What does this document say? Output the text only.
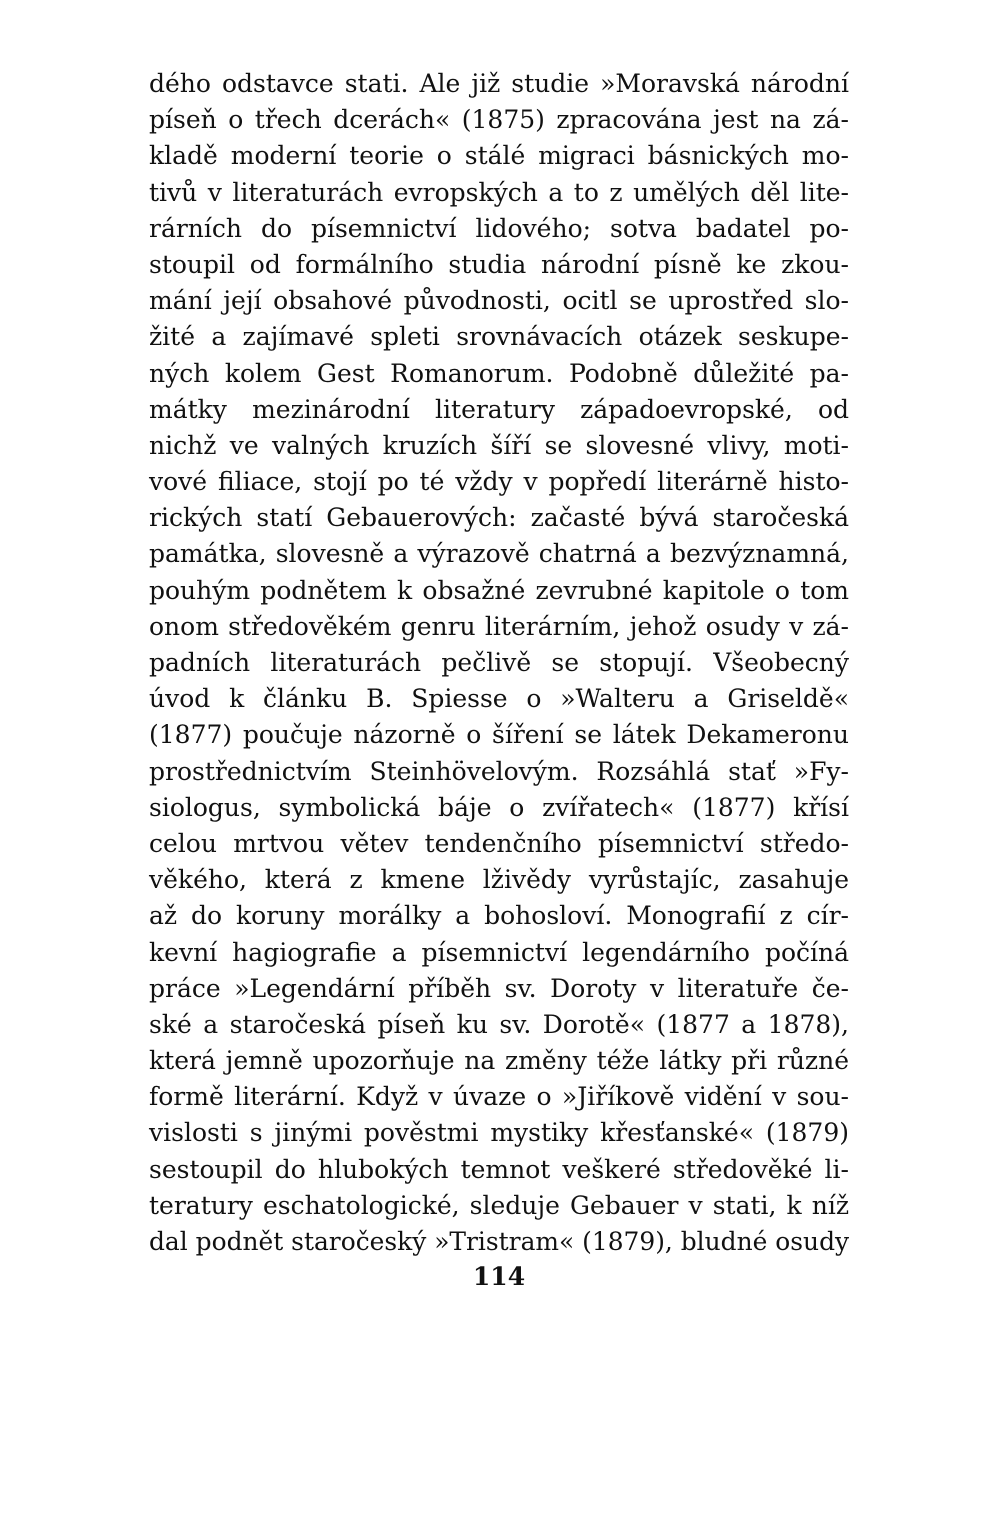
dého odstavce stati. Ale již studie »Moravská národní
píseň o třech dcerách« (1875) zpracována jest na zá-
kladě moderní teorie o stálé migraci básnických mo-
tivů v literaturách evropských a to z umělých děl lite-
rárních do písemnictví lidového; sotva badatel po-
stoupil od formálního studia národní písně ke zkou-
mání její obsahové původnosti, ocitl se uprostřed slo-
žité a zajímavé spleti srovnávacích otázek seskupe-
ných kolem Gest Romanorum. Podobně důležité pa-
mátky mezinárodní literatury západoevropské, od
nichž ve valných kruzích šíří se slovesné vlivy, moti-
vové filiace, stojí po té vždy v popředí literárně histo-
rických statí Gebauerových: začasté bývá staročeská
památka, slovesně a výrazově chatrná a bezvýznamná,
pouhým podnětem k obsažné zevrubné kapitole o tom
onom středověkém genru literárním, jehož osudy v zá-
padních literaturách pečlivě se stopují. Všeobecný
úvod k článku B. Spiesse o »Walteru a Griseldě«
(1877) poučuje názorně o šíření se látek Dekameronu
prostřednictvím Steinhövelovým. Rozsáhlá stať »Fy-
siologus, symbolická báje o zvířatech« (1877) křísí
celou mrtvou větev tendenčního písemnictví středo-
věkého, která z kmene lživědy vyrůstajíc, zasahuje
až do koruny morálky a bohosloví. Monografií z cír-
kevní hagiografie a písemnictví legendárního počíná
práce »Legendární příběh sv. Doroty v literatuře če-
ské a staročeská píseň ku sv. Dorotě« (1877 a 1878),
která jemně upozorňuje na změny téže látky při různé
formě literární. Když v úvaze o »Jiříkově vidění v sou-
vislosti s jinými pověstmi mystiky křesťanské« (1879)
sestoupil do hlubokých temnot veškeré středověké li-
teratury eschatologické, sleduje Gebauer v stati, k níž
dal podnět staročeský »Tristram« (1879), bludné osudy
114
